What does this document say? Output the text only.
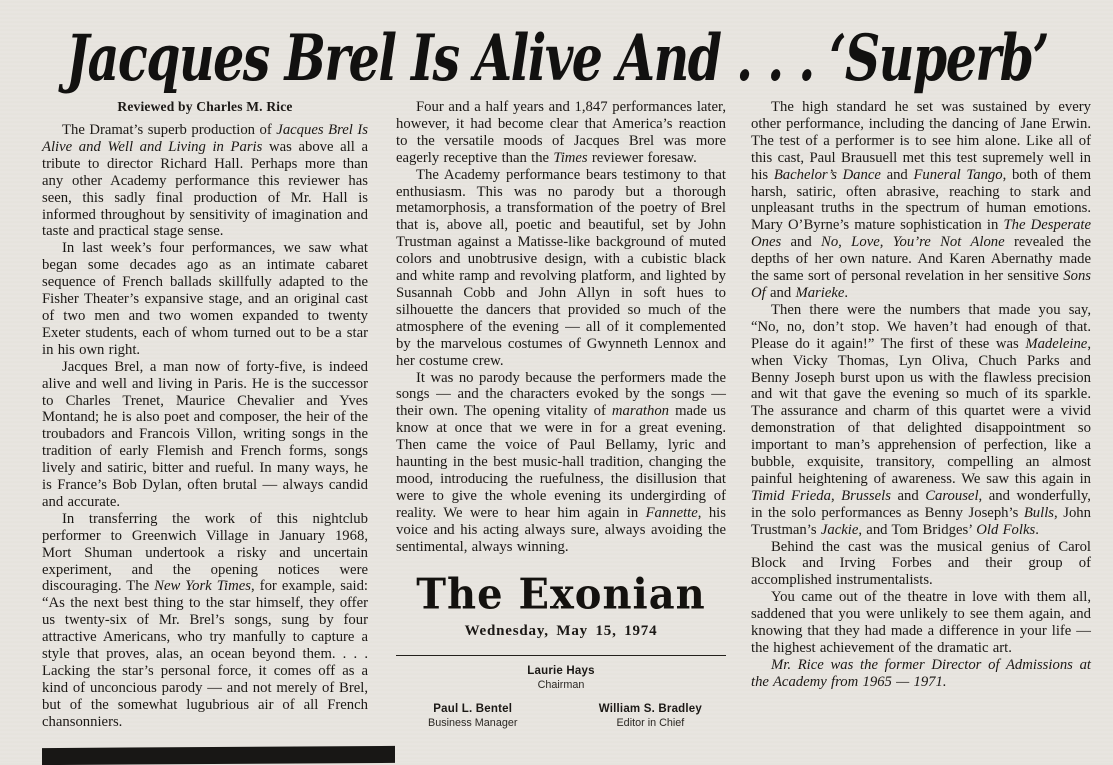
Jacques Brel Is Alive And . . . ‘Superb’
Reviewed by Charles M. Rice

The Dramat’s superb production of Jacques Brel Is Alive and Well and Living in Paris was above all a tribute to director Richard Hall. Perhaps more than any other Academy performance this reviewer has seen, this sadly final production of Mr. Hall is informed throughout by sensitivity of imagination and taste and practical stage sense.

In last week’s four performances, we saw what began some decades ago as an intimate cabaret sequence of French ballads skillfully adapted to the Fisher Theater’s expansive stage, and an original cast of two men and two women expanded to twenty Exeter students, each of whom turned out to be a star in his own right.

Jacques Brel, a man now of forty-five, is indeed alive and well and living in Paris. He is the successor to Charles Trenet, Maurice Chevalier and Yves Montand; he is also poet and composer, the heir of the troubadors and Francois Villon, writing songs in the tradition of early Flemish and French forms, songs lively and satiric, bitter and rueful. In many ways, he is France’s Bob Dylan, often brutal — always candid and accurate.

In transferring the work of this nightclub performer to Greenwich Village in January 1968, Mort Shuman undertook a risky and uncertain experiment, and the opening notices were discouraging. The New York Times, for example, said: “As the next best thing to the star himself, they offer us twenty-six of Mr. Brel’s songs, sung by four attractive Americans, who try manfully to capture a style that proves, alas, an ocean beyond them. . . . Lacking the star’s personal force, it comes off as a kind of unconcious parody — and not merely of Brel, but of the somewhat lugubrious air of all French chansonniers.

Four and a half years and 1,847 performances later, however, it had become clear that America’s reaction to the versatile moods of Jacques Brel was more eagerly receptive than the Times reviewer foresaw.

The Academy performance bears testimony to that enthusiasm. This was no parody but a thorough metamorphosis, a transformation of the poetry of Brel that is, above all, poetic and beautiful, set by John Trustman against a Matisse-like background of muted colors and unobtrusive design, with a cubistic black and white ramp and revolving platform, and lighted by Susannah Cobb and John Allyn in soft hues to silhouette the dancers that provided so much of the atmosphere of the evening — all of it complemented by the marvelous costumes of Gwynneth Lennox and her costume crew.

It was no parody because the performers made the songs — and the characters evoked by the songs — their own. The opening vitality of marathon made us know at once that we were in for a great evening. Then came the voice of Paul Bellamy, lyric and haunting in the best music-hall tradition, changing the mood, introducing the ruefulness, the disillusion that were to give the whole evening its undergirding of reality. We were to hear him again in Fannette, his voice and his acting always sure, always avoiding the sentimental, always winning.

The Exonian
Wednesday, May 15, 1974
Laurie Hays
Chairman
Paul L. Bentel
Business Manager
William S. Bradley
Editor in Chief

The high standard he set was sustained by every other performance, including the dancing of Jane Erwin. The test of a performer is to see him alone. Like all of this cast, Paul Brausuell met this test supremely well in his Bachelor’s Dance and Funeral Tango, both of them harsh, satiric, often abrasive, reaching to stark and unpleasant truths in the spectrum of human emotions. Mary O’Byrne’s mature sophistication in The Desperate Ones and No, Love, You’re Not Alone revealed the depths of her own nature. And Karen Abernathy made the same sort of personal revelation in her sensitive Sons Of and Marieke.

Then there were the numbers that made you say, “No, no, don’t stop. We haven’t had enough of that. Please do it again!” The first of these was Madeleine, when Vicky Thomas, Lyn Oliva, Chuch Parks and Benny Joseph burst upon us with the flawless precision and wit that gave the evening so much of its sparkle. The assurance and charm of this quartet were a vivid demonstration of that delighted disappointment so important to man’s apprehension of perfection, like a bubble, exquisite, transitory, compelling an almost painful heightening of awareness. We saw this again in Timid Frieda, Brussels and Carousel, and wonderfully, in the solo performances as Benny Joseph’s Bulls, John Trustman’s Jackie, and Tom Bridges’ Old Folks.

Behind the cast was the musical genius of Carol Block and Irving Forbes and their group of accomplished instrumentalists.

You came out of the theatre in love with them all, saddened that you were unlikely to see them again, and knowing that they had made a difference in your life — the highest achievement of the dramatic art.

Mr. Rice was the former Director of Admissions at the Academy from 1965 — 1971.
